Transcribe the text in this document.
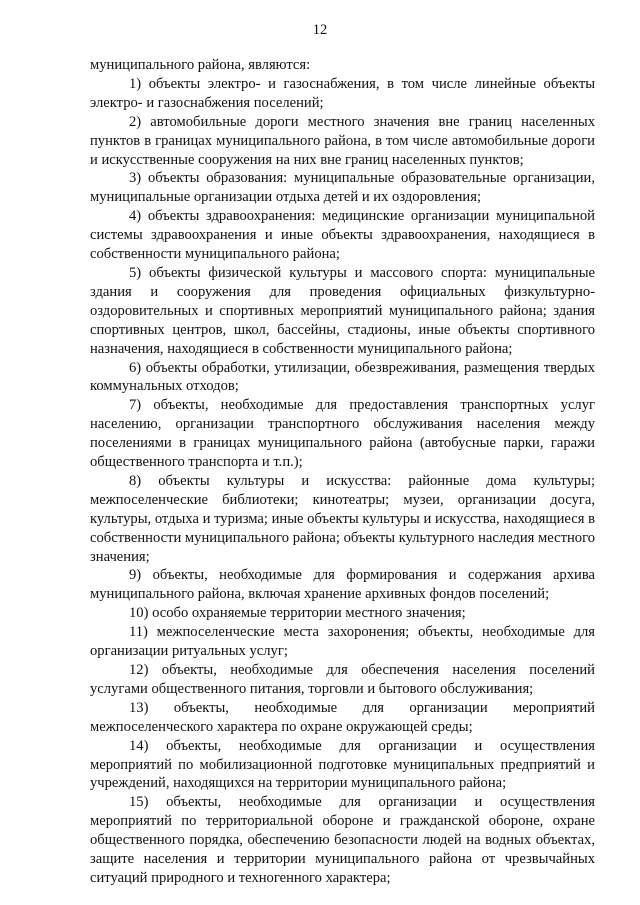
12

муниципального района, являются:

1) объекты электро- и газоснабжения, в том числе линейные объекты электро- и газоснабжения поселений;

2) автомобильные дороги местного значения вне границ населенных пунктов в границах муниципального района, в том числе автомобильные дороги и искусственные сооружения на них вне границ населенных пунктов;

3) объекты образования: муниципальные образовательные организации, муниципальные организации отдыха детей и их оздоровления;

4) объекты здравоохранения: медицинские организации муниципальной системы здравоохранения и иные объекты здравоохранения, находящиеся в собственности муниципального района;

5) объекты физической культуры и массового спорта: муниципальные здания и сооружения для проведения официальных физкультурно-оздоровительных и спортивных мероприятий муниципального района; здания спортивных центров, школ, бассейны, стадионы, иные объекты спортивного назначения, находящиеся в собственности муниципального района;

6) объекты обработки, утилизации, обезвреживания, размещения твердых коммунальных отходов;

7) объекты, необходимые для предоставления транспортных услуг населению, организации транспортного обслуживания населения между поселениями в границах муниципального района (автобусные парки, гаражи общественного транспорта и т.п.);

8) объекты культуры и искусства: районные дома культуры; межпоселенческие библиотеки; кинотеатры; музеи, организации досуга, культуры, отдыха и туризма; иные объекты культуры и искусства, находящиеся в собственности муниципального района; объекты культурного наследия местного значения;

9) объекты, необходимые для формирования и содержания архива муниципального района, включая хранение архивных фондов поселений;

10) особо охраняемые территории местного значения;

11) межпоселенческие места захоронения; объекты, необходимые для организации ритуальных услуг;

12) объекты, необходимые для обеспечения населения поселений услугами общественного питания, торговли и бытового обслуживания;

13) объекты, необходимые для организации мероприятий межпоселенческого характера по охране окружающей среды;

14) объекты, необходимые для организации и осуществления мероприятий по мобилизационной подготовке муниципальных предприятий и учреждений, находящихся на территории муниципального района;

15) объекты, необходимые для организации и осуществления мероприятий по территориальной обороне и гражданской обороне, охране общественного порядка, обеспечению безопасности людей на водных объектах, защите населения и территории муниципального района от чрезвычайных ситуаций природного и техногенного характера;
